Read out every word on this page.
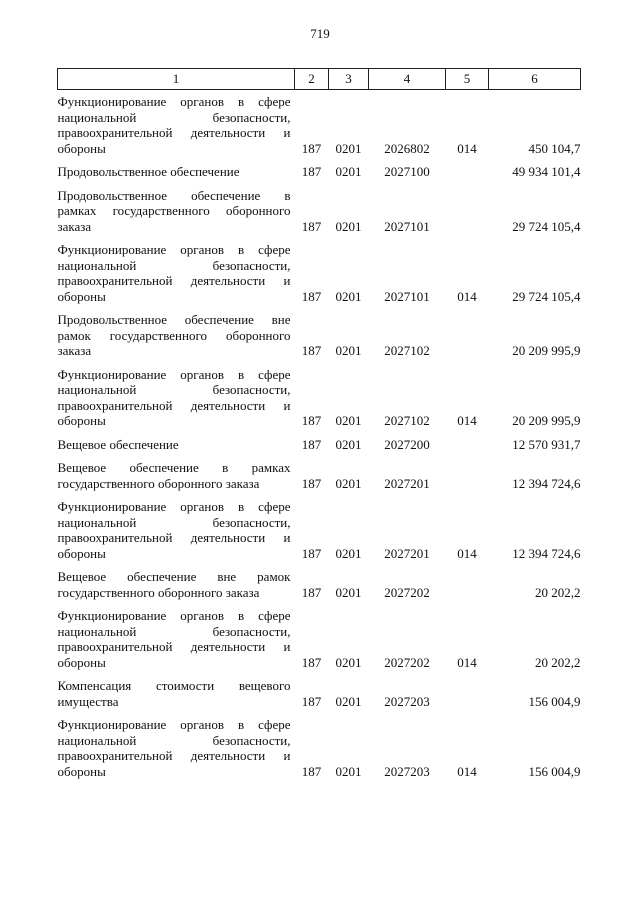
719
1	2	3	4	5	6
Функционирование органов в сфере национальной безопасности, правоохранительной деятельности и обороны	187	0201	2026802	014	450 104,7
Продовольственное обеспечение	187	0201	2027100		49 934 101,4
Продовольственное обеспечение в рамках государственного оборонного заказа	187	0201	2027101		29 724 105,4
Функционирование органов в сфере национальной безопасности, правоохранительной деятельности и обороны	187	0201	2027101	014	29 724 105,4
Продовольственное обеспечение вне рамок государственного оборонного заказа	187	0201	2027102		20 209 995,9
Функционирование органов в сфере национальной безопасности, правоохранительной деятельности и обороны	187	0201	2027102	014	20 209 995,9
Вещевое обеспечение	187	0201	2027200		12 570 931,7
Вещевое обеспечение в рамках государственного оборонного заказа	187	0201	2027201		12 394 724,6
Функционирование органов в сфере национальной безопасности, правоохранительной деятельности и обороны	187	0201	2027201	014	12 394 724,6
Вещевое обеспечение вне рамок государственного оборонного заказа	187	0201	2027202		20 202,2
Функционирование органов в сфере национальной безопасности, правоохранительной деятельности и обороны	187	0201	2027202	014	20 202,2
Компенсация стоимости вещевого имущества	187	0201	2027203		156 004,9
Функционирование органов в сфере национальной безопасности, правоохранительной деятельности и обороны	187	0201	2027203	014	156 004,9
